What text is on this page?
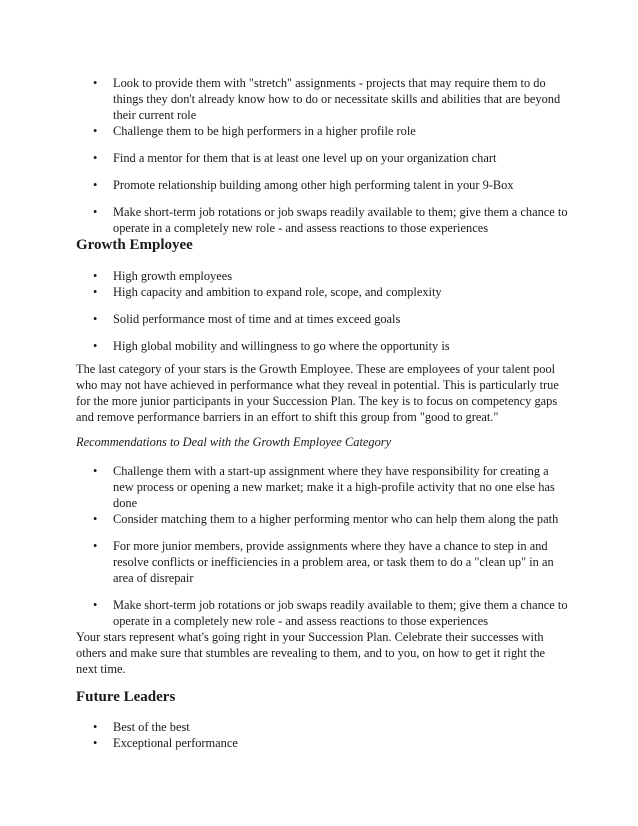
• Look to provide them with "stretch" assignments - projects that may require them to do things they don't already know how to do or necessitate skills and abilities that are beyond their current role
• Challenge them to be high performers in a higher profile role
• Find a mentor for them that is at least one level up on your organization chart
• Promote relationship building among other high performing talent in your 9-Box
• Make short-term job rotations or job swaps readily available to them; give them a chance to operate in a completely new role - and assess reactions to those experiences
Growth Employee
• High growth employees
• High capacity and ambition to expand role, scope, and complexity
• Solid performance most of time and at times exceed goals
• High global mobility and willingness to go where the opportunity is

The last category of your stars is the Growth Employee. These are employees of your talent pool who may not have achieved in performance what they reveal in potential. This is particularly true for the more junior participants in your Succession Plan. The key is to focus on competency gaps and remove performance barriers in an effort to shift this group from "good to great."

Recommendations to Deal with the Growth Employee Category

• Challenge them with a start-up assignment where they have responsibility for creating a new process or opening a new market; make it a high-profile activity that no one else has done
• Consider matching them to a higher performing mentor who can help them along the path
• For more junior members, provide assignments where they have a chance to step in and resolve conflicts or inefficiencies in a problem area, or task them to do a "clean up" in an area of disrepair
• Make short-term job rotations or job swaps readily available to them; give them a chance to operate in a completely new role - and assess reactions to those experiences

Your stars represent what's going right in your Succession Plan. Celebrate their successes with others and make sure that stumbles are revealing to them, and to you, on how to get it right the next time.

Future Leaders
• Best of the best
• Exceptional performance
